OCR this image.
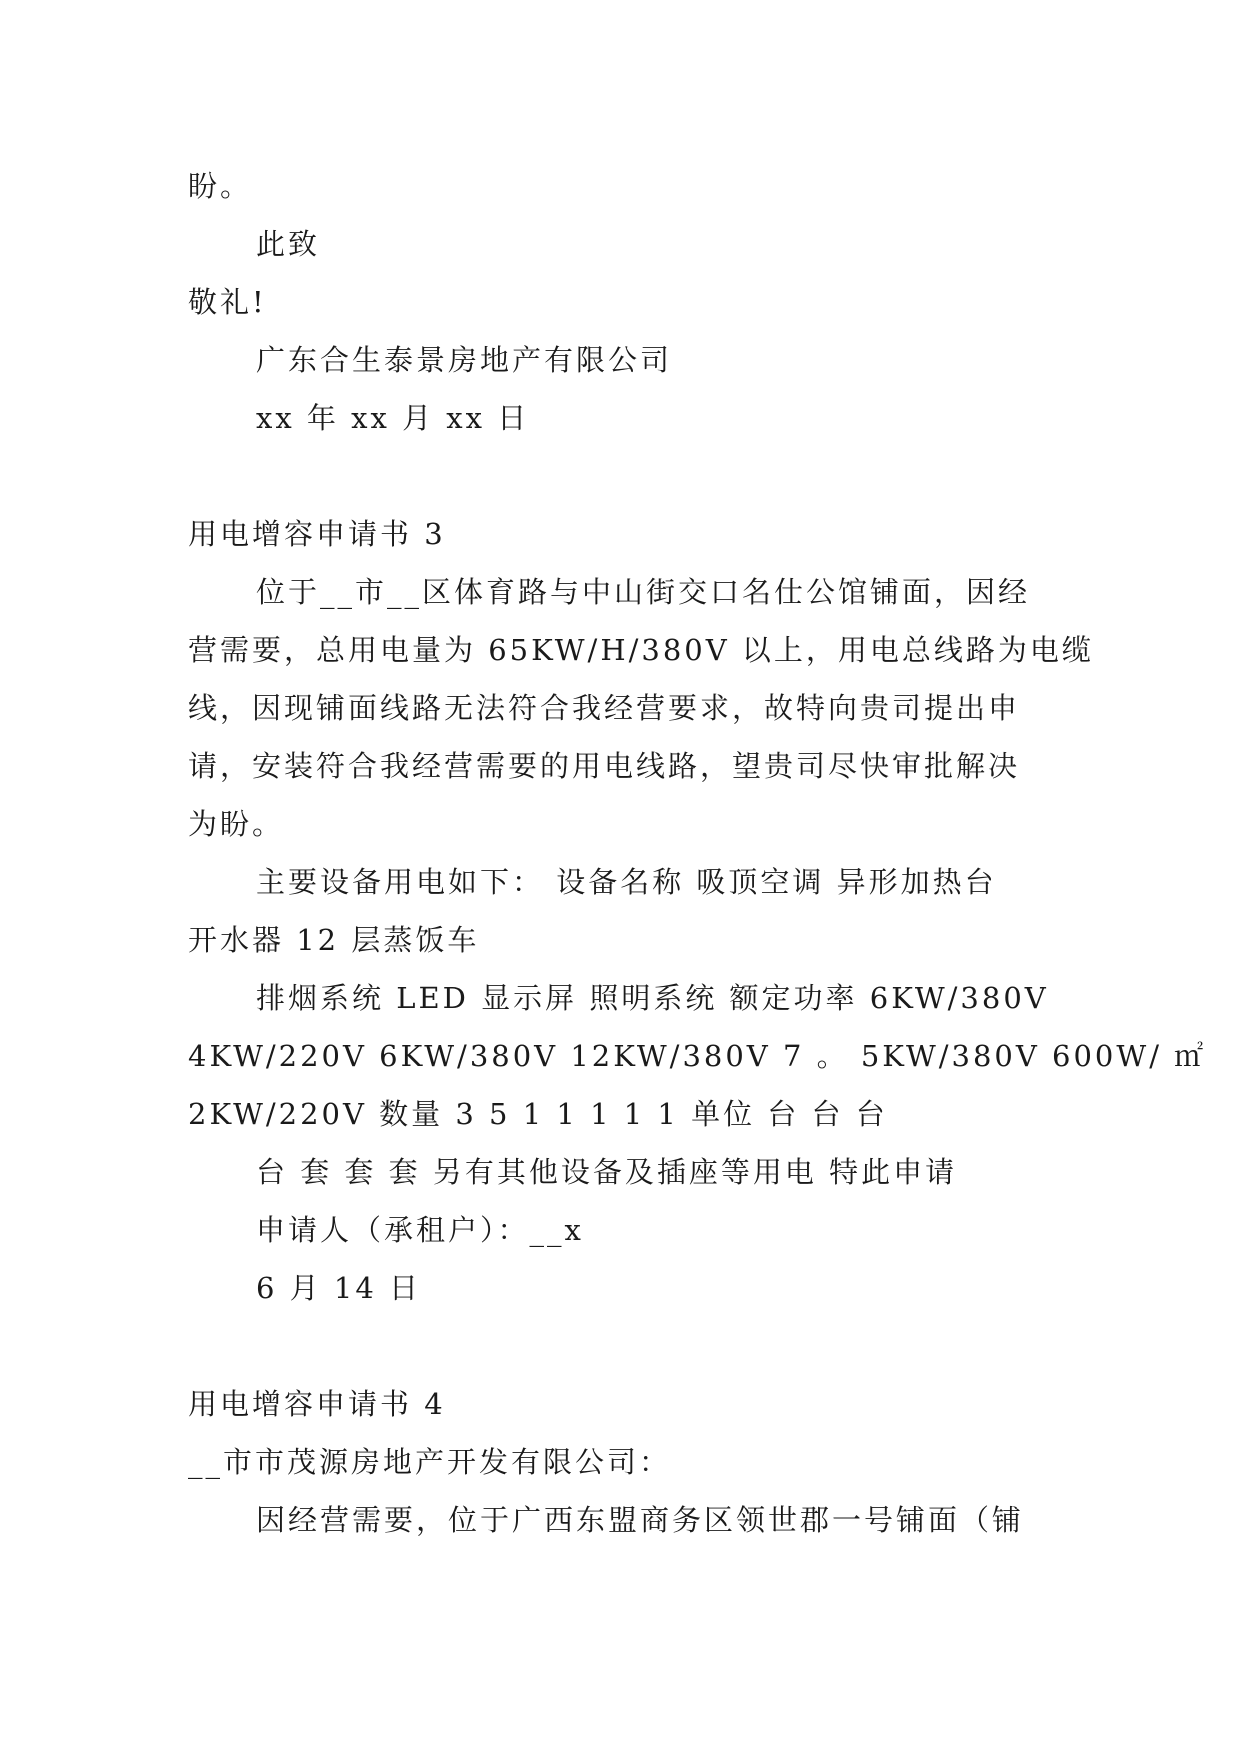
盼。
此致
敬礼!
广东合生泰景房地产有限公司
xx 年 xx 月 xx 日
用电增容申请书 3
位于__市__区体育路与中山街交口名仕公馆铺面，因经
营需要，总用电量为 65KW/H/380V 以上，用电总线路为电缆
线，因现铺面线路无法符合我经营要求，故特向贵司提出申
请，安装符合我经营需要的用电线路，望贵司尽快审批解决
为盼。
主要设备用电如下： 设备名称 吸顶空调 异形加热台
开水器 12 层蒸饭车
排烟系统 LED 显示屏 照明系统 额定功率 6KW/380V
4KW/220V 6KW/380V 12KW/380V 7 。 5KW/380V 600W/ ㎡
2KW/220V 数量 3 5 1 1 1 1 1 单位 台 台 台
台 套 套 套 另有其他设备及插座等用电 特此申请
申请人（承租户）：__x
6 月 14 日
用电增容申请书 4
__市市茂源房地产开发有限公司：
因经营需要，位于广西东盟商务区领世郡一号铺面（铺
